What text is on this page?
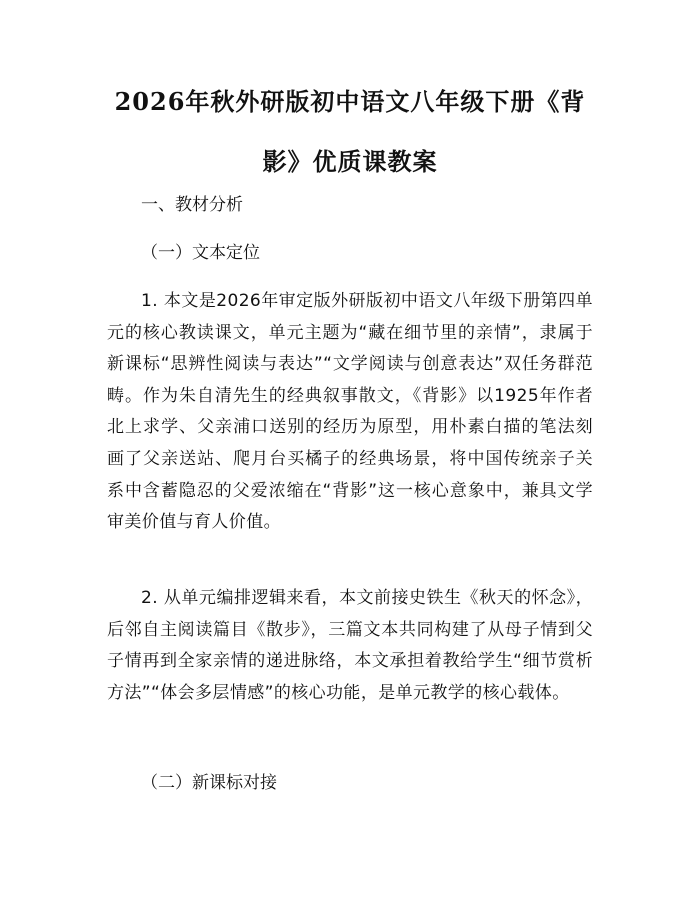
2026年秋外研版初中语文八年级下册《背影》优质课教案
一、教材分析
（一）文本定位

1. 本文是2026年审定版外研版初中语文八年级下册第四单元的核心教读课文，单元主题为“藏在细节里的亲情”，隶属于新课标“思辨性阅读与表达”“文学阅读与创意表达”双任务群范畴。作为朱自清先生的经典叙事散文，《背影》以1925年作者北上求学、父亲浦口送别的经历为原型，用朴素白描的笔法刻画了父亲送站、爬月台买橘子的经典场景，将中国传统亲子关系中含蓄隐忍的父爱浓缩在“背影”这一核心意象中，兼具文学审美价值与育人价值。

2. 从单元编排逻辑来看，本文前接史铁生《秋天的怀念》，后邻自主阅读篇目《散步》，三篇文本共同构建了从母子情到父子情再到全家亲情的递进脉络，本文承担着教给学生“细节赏析方法”“体会多层情感”的核心功能，是单元教学的核心载体。

（二）新课标对接
